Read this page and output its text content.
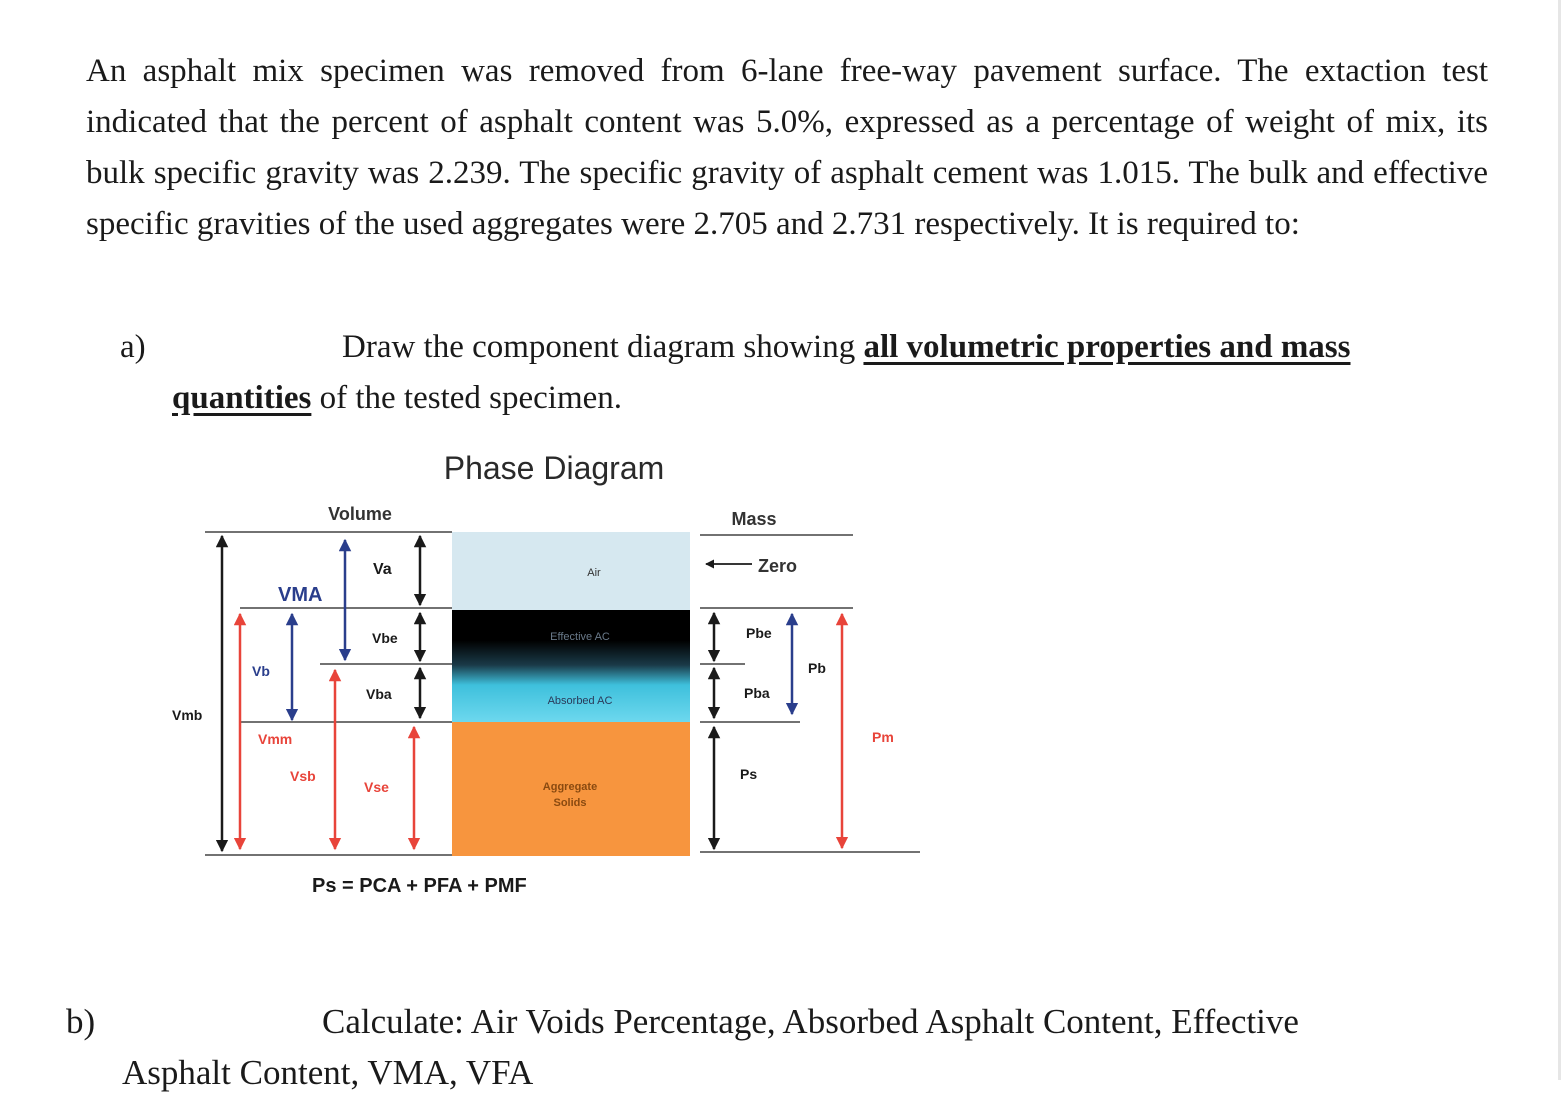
An asphalt mix specimen was removed from 6-lane free-way pavement surface. The extaction test indicated that the percent of asphalt content was 5.0%, expressed as a percentage of weight of mix, its bulk specific gravity was 2.239. The specific gravity of asphalt cement was 1.015. The bulk and effective specific gravities of the used aggregates were 2.705 and 2.731 respectively. It is required to:
a)	Draw the component diagram showing all volumetric properties and mass
quantities of the tested specimen.
Phase Diagram
Volume	Mass
Air
Effective AC
Absorbed AC
Aggregate
Solids
Vmb
VMA
Vb
Vmm
Vsb
Va
Vbe
Vba
Vse
Zero
Pbe
Pba
Pb
Ps
Pm
Ps = PCA + PFA + PMF
b)	Calculate: Air Voids Percentage, Absorbed Asphalt Content, Effective
Asphalt Content, VMA, VFA
